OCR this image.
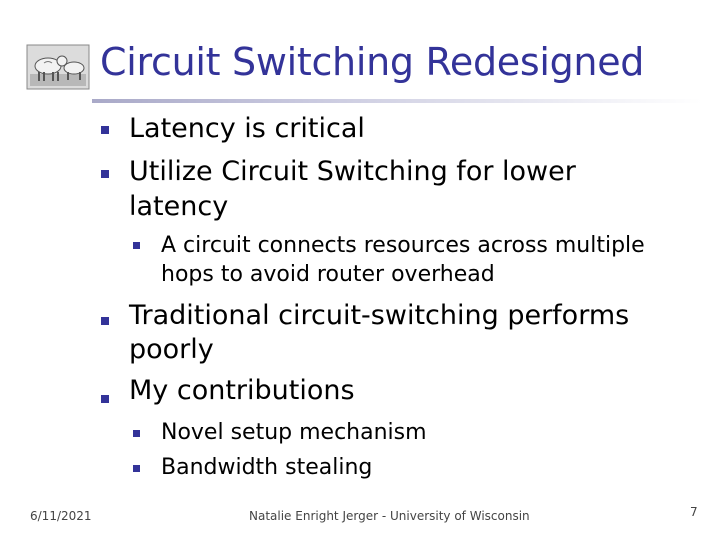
Circuit Switching Redesigned
Latency is critical
Utilize Circuit Switching for lower
latency
A circuit connects resources across multiple
hops to avoid router overhead
Traditional circuit-switching performs
poorly
My contributions
Novel setup mechanism
Bandwidth stealing
6/11/2021	Natalie Enright Jerger - University of Wisconsin	7
